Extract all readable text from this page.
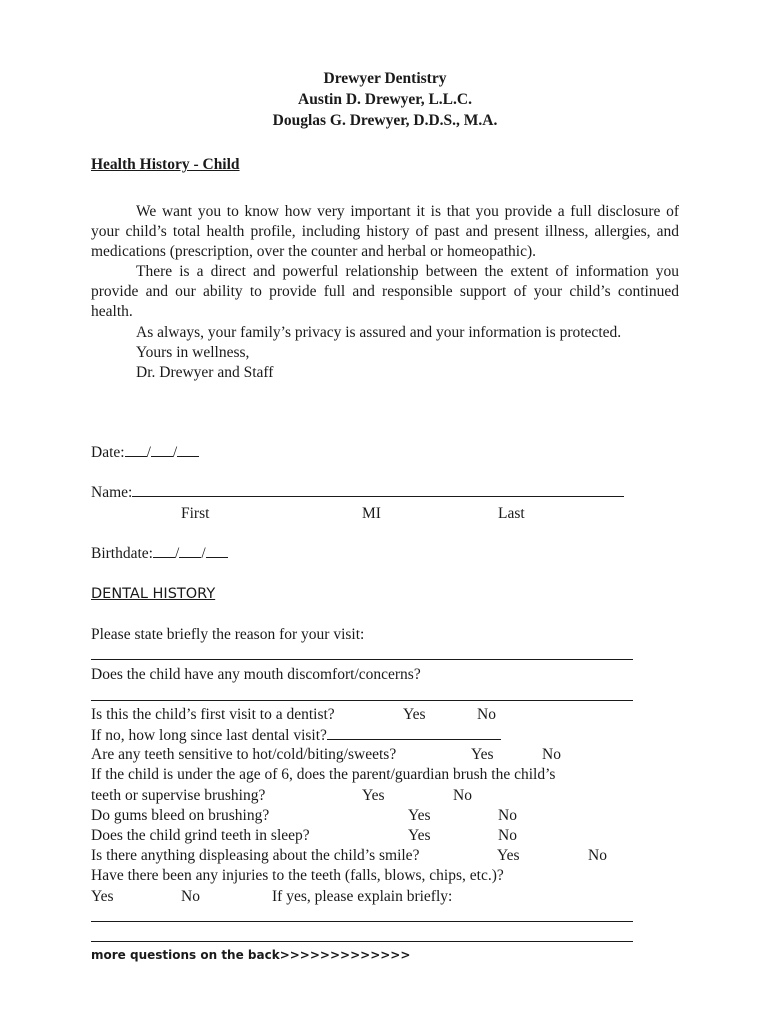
Drewyer Dentistry
Austin D. Drewyer, L.L.C.
Douglas G. Drewyer, D.D.S., M.A.
Health History - Child

We want you to know how very important it is that you provide a full disclosure of your child’s total health profile, including history of past and present illness, allergies, and medications (prescription, over the counter and herbal or homeopathic).

There is a direct and powerful relationship between the extent of information you provide and our ability to provide full and responsible support of your child’s continued health.

As always, your family’s privacy is assured and your information is protected.

Yours in wellness,

Dr. Drewyer and Staff

Date: / /
Name:
First	MI	Last
Birthdate: / /
DENTAL HISTORY
Please state briefly the reason for your visit:
Does the child have any mouth discomfort/concerns?
Is this the child’s first visit to a dentist?	Yes	No
If no, how long since last dental visit?
Are any teeth sensitive to hot/cold/biting/sweets?	Yes	No
If the child is under the age of 6, does the parent/guardian brush the child’s
teeth or supervise brushing?	Yes	No
Do gums bleed on brushing?	Yes	No
Does the child grind teeth in sleep?	Yes	No
Is there anything displeasing about the child’s smile?	Yes	No
Have there been any injuries to the teeth (falls, blows, chips, etc.)?
Yes	No	If yes, please explain briefly:
more questions on the back>>>>>>>>>>>>>
